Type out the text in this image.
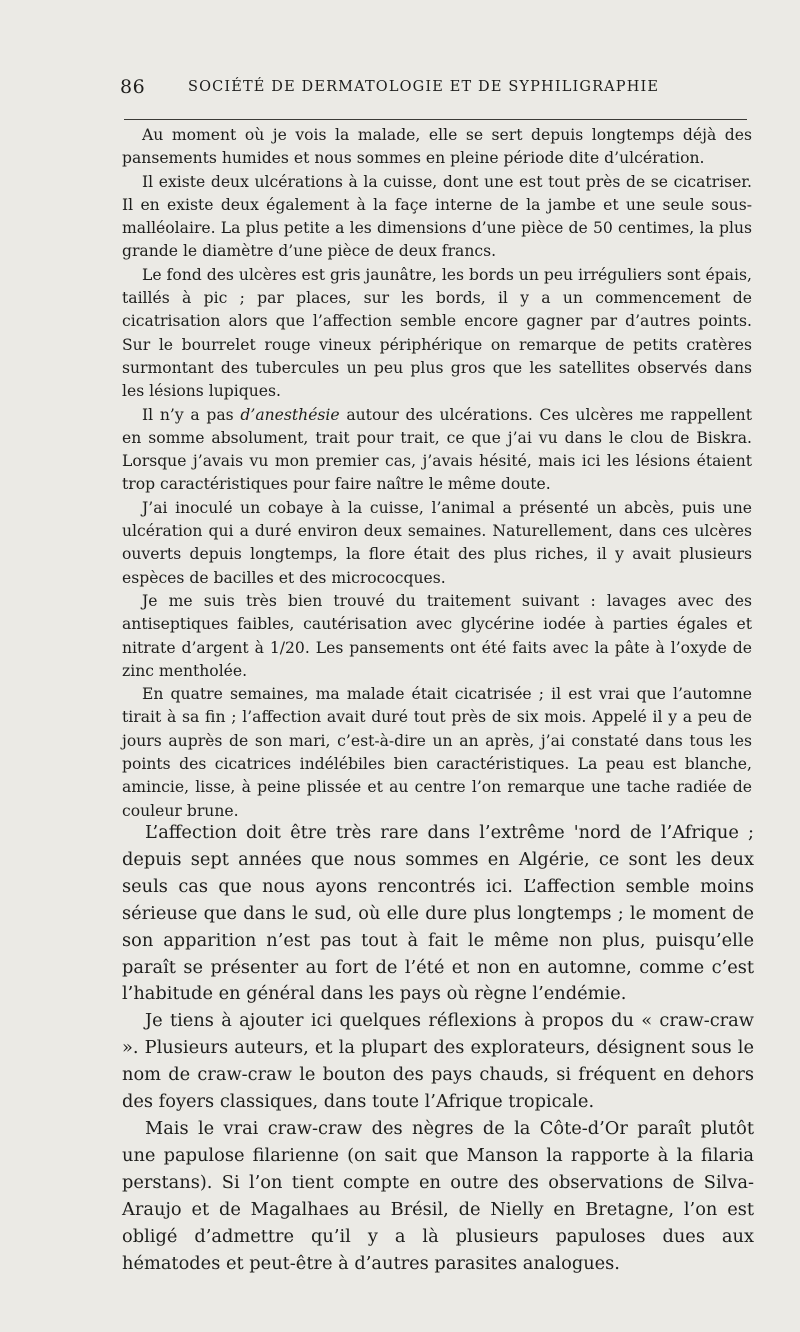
86	SOCIÉTÉ DE DERMATOLOGIE ET DE SYPHILIGRAPHIE

Au moment où je vois la malade, elle se sert depuis longtemps déjà des pansements humides et nous sommes en pleine période dite d’ulcération.

Il existe deux ulcérations à la cuisse, dont une est tout près de se cicatriser. Il en existe deux également à la façe interne de la jambe et une seule sous-malléolaire. La plus petite a les dimensions d’une pièce de 50 centimes, la plus grande le diamètre d’une pièce de deux francs.

Le fond des ulcères est gris jaunâtre, les bords un peu irréguliers sont épais, taillés à pic ; par places, sur les bords, il y a un commencement de cicatrisation alors que l’affection semble encore gagner par d’autres points. Sur le bourrelet rouge vineux périphérique on remarque de petits cratères surmontant des tubercules un peu plus gros que les satellites observés dans les lésions lupiques.

Il n’y a pas d’anesthésie autour des ulcérations. Ces ulcères me rappellent en somme absolument, trait pour trait, ce que j’ai vu dans le clou de Biskra. Lorsque j’avais vu mon premier cas, j’avais hésité, mais ici les lésions étaient trop caractéristiques pour faire naître le même doute.

J’ai inoculé un cobaye à la cuisse, l’animal a présenté un abcès, puis une ulcération qui a duré environ deux semaines. Naturellement, dans ces ulcères ouverts depuis longtemps, la flore était des plus riches, il y avait plusieurs espèces de bacilles et des micrococques.

Je me suis très bien trouvé du traitement suivant : lavages avec des antiseptiques faibles, cautérisation avec glycérine iodée à parties égales et nitrate d’argent à 1/20. Les pansements ont été faits avec la pâte à l’oxyde de zinc mentholée.

En quatre semaines, ma malade était cicatrisée ; il est vrai que l’automne tirait à sa fin ; l’affection avait duré tout près de six mois. Appelé il y a peu de jours auprès de son mari, c’est-à-dire un an après, j’ai constaté dans tous les points des cicatrices indélébiles bien caractéristiques. La peau est blanche, amincie, lisse, à peine plissée et au centre l’on remarque une tache radiée de couleur brune.

L’affection doit être très rare dans l’extrême 'nord de l’Afrique ; depuis sept années que nous sommes en Algérie, ce sont les deux seuls cas que nous ayons rencontrés ici. L’affection semble moins sérieuse que dans le sud, où elle dure plus longtemps ; le moment de son apparition n’est pas tout à fait le même non plus, puisqu’elle paraît se présenter au fort de l’été et non en automne, comme c’est l’habitude en général dans les pays où règne l’endémie.

Je tiens à ajouter ici quelques réflexions à propos du « craw-craw ». Plusieurs auteurs, et la plupart des explorateurs, désignent sous le nom de craw-craw le bouton des pays chauds, si fréquent en dehors des foyers classiques, dans toute l’Afrique tropicale.

Mais le vrai craw-craw des nègres de la Côte-d’Or paraît plutôt une papulose filarienne (on sait que Manson la rapporte à la filaria perstans). Si l’on tient compte en outre des observations de Silva-Araujo et de Magalhaes au Brésil, de Nielly en Bretagne, l’on est obligé d’admettre qu’il y a là plusieurs papuloses dues aux hématodes et peut-être à d’autres parasites analogues.
